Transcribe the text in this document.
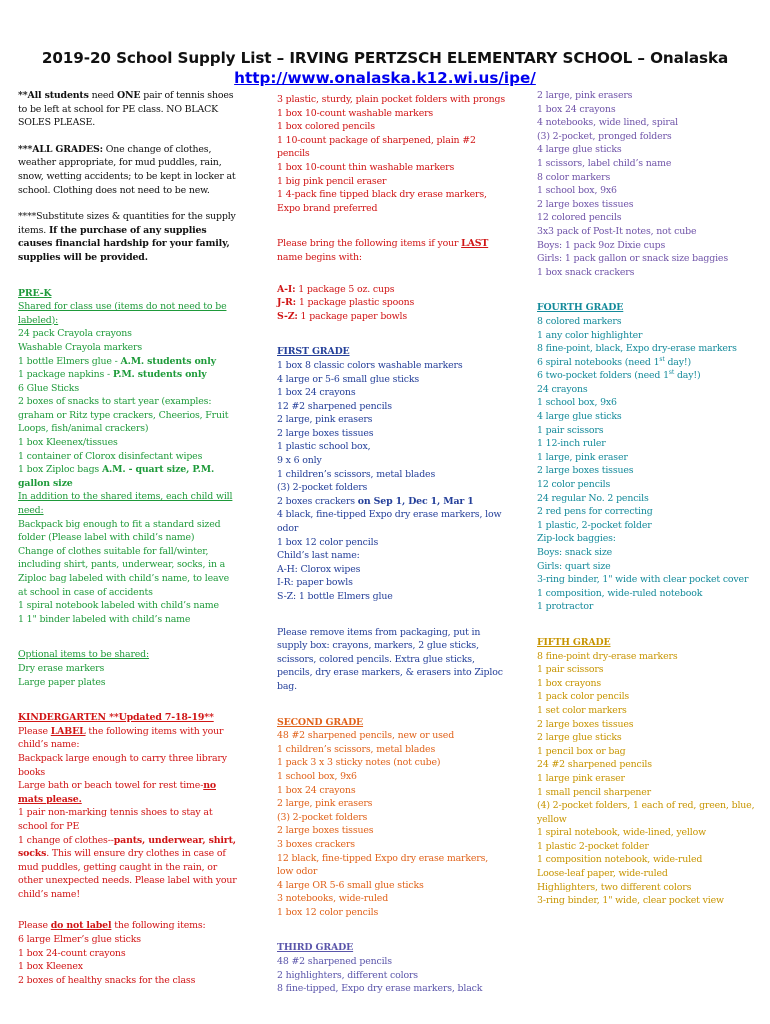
2019-20 School Supply List – IRVING PERTZSCH ELEMENTARY SCHOOL – Onalaska
http://www.onalaska.k12.wi.us/ipe/
**All students need ONE pair of tennis shoes to be left at school for PE class. NO BLACK SOLES PLEASE.
***ALL GRADES: One change of clothes, weather appropriate, for mud puddles, rain, snow, wetting accidents; to be kept in locker at school. Clothing does not need to be new.
****Substitute sizes & quantities for the supply items. If the purchase of any supplies causes financial hardship for your family, supplies will be provided.
PRE-K
Shared for class use (items do not need to be labeled):
24 pack Crayola crayons
Washable Crayola markers
1 bottle Elmers glue - A.M. students only
1 package napkins - P.M. students only
6 Glue Sticks
2 boxes of snacks to start year (examples: graham or Ritz type crackers, Cheerios, Fruit Loops, fish/animal crackers)
1 box Kleenex/tissues
1 container of Clorox disinfectant wipes
1 box Ziploc bags A.M. - quart size, P.M. gallon size
In addition to the shared items, each child will need:
Backpack big enough to fit a standard sized folder (Please label with child’s name)
Change of clothes suitable for fall/winter, including shirt, pants, underwear, socks, in a Ziploc bag labeled with child’s name, to leave at school in case of accidents
1 spiral notebook labeled with child’s name
1 1" binder labeled with child’s name
Optional items to be shared:
Dry erase markers
Large paper plates
KINDERGARTEN **Updated 7-18-19**
Please LABEL the following items with your child’s name:
Backpack large enough to carry three library books
Large bath or beach towel for rest time-no mats please.
1 pair non-marking tennis shoes to stay at school for PE
1 change of clothes--pants, underwear, shirt, socks. This will ensure dry clothes in case of mud puddles, getting caught in the rain, or other unexpected needs. Please label with your child’s name!
Please do not label the following items:
6 large Elmer’s glue sticks
1 box 24-count crayons
1 box Kleenex
2 boxes of healthy snacks for the class
3 plastic, sturdy, plain pocket folders with prongs
1 box 10-count washable markers
1 box colored pencils
1 10-count package of sharpened, plain #2 pencils
1 box 10-count thin washable markers
1 big pink pencil eraser
1 4-pack fine tipped black dry erase markers, Expo brand preferred
Please bring the following items if your LAST name begins with:
A-I: 1 package 5 oz. cups
J-R: 1 package plastic spoons
S-Z: 1 package paper bowls
FIRST GRADE
1 box 8 classic colors washable markers
4 large or 5-6 small glue sticks
1 box 24 crayons
12 #2 sharpened pencils
2 large, pink erasers
2 large boxes tissues
1 plastic school box,
9 x 6 only
1 children’s scissors, metal blades
(3) 2-pocket folders
2 boxes crackers on Sep 1, Dec 1, Mar 1
4 black, fine-tipped Expo dry erase markers, low odor
1 box 12 color pencils
Child’s last name:
A-H: Clorox wipes
I-R: paper bowls
S-Z: 1 bottle Elmers glue
Please remove items from packaging, put in supply box: crayons, markers, 2 glue sticks, scissors, colored pencils. Extra glue sticks, pencils, dry erase markers, & erasers into Ziploc bag.
SECOND GRADE
48 #2 sharpened pencils, new or used
1 children’s scissors, metal blades
1 pack 3 x 3 sticky notes (not cube)
1 school box, 9x6
1 box 24 crayons
2 large, pink erasers
(3) 2-pocket folders
2 large boxes tissues
3 boxes crackers
12 black, fine-tipped Expo dry erase markers, low odor
4 large OR 5-6 small glue sticks
3 notebooks, wide-ruled
1 box 12 color pencils
THIRD GRADE
48 #2 sharpened pencils
2 highlighters, different colors
8 fine-tipped, Expo dry erase markers, black
2 large, pink erasers
1 box 24 crayons
4 notebooks, wide lined, spiral
(3) 2-pocket, pronged folders
4 large glue sticks
1 scissors, label child’s name
8 color markers
1 school box, 9x6
2 large boxes tissues
12 colored pencils
3x3 pack of Post-It notes, not cube
Boys: 1 pack 9oz Dixie cups
Girls: 1 pack gallon or snack size baggies
1 box snack crackers
FOURTH GRADE
8 colored markers
1 any color highlighter
8 fine-point, black, Expo dry-erase markers
6 spiral notebooks (need 1st day!)
6 two-pocket folders (need 1st day!)
24 crayons
1 school box, 9x6
4 large glue sticks
1 pair scissors
1 12-inch ruler
1 large, pink eraser
2 large boxes tissues
12 color pencils
24 regular No. 2 pencils
2 red pens for correcting
1 plastic, 2-pocket folder
Zip-lock baggies:
Boys: snack size
Girls: quart size
3-ring binder, 1" wide with clear pocket cover
1 composition, wide-ruled notebook
1 protractor
FIFTH GRADE
8 fine-point dry-erase markers
1 pair scissors
1 box crayons
1 pack color pencils
1 set color markers
2 large boxes tissues
2 large glue sticks
1 pencil box or bag
24 #2 sharpened pencils
1 large pink eraser
1 small pencil sharpener
(4) 2-pocket folders, 1 each of red, green, blue, yellow
1 spiral notebook, wide-lined, yellow
1 plastic 2-pocket folder
1 composition notebook, wide-ruled
Loose-leaf paper, wide-ruled
Highlighters, two different colors
3-ring binder, 1" wide, clear pocket view
